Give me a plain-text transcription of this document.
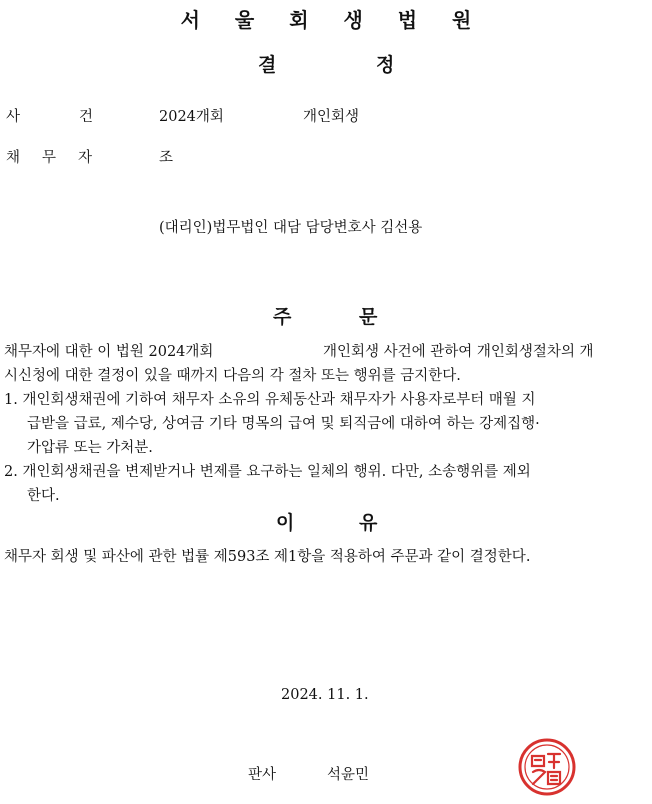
서 울 회 생 법 원
결	정
사	건	2024개회	개인회생
채무자	조
(대리인)법무법인 대담 담당변호사 김선용
주	문
채무자에 대한 이 법원 2024개회	개인회생 사건에 관하여 개인회생절차의 개
시신청에 대한 결정이 있을 때까지 다음의 각 절차 또는 행위를 금지한다.
1. 개인회생채권에 기하여 채무자 소유의 유체동산과 채무자가 사용자로부터 매월 지
급받을 급료, 제수당, 상여금 기타 명목의 급여 및 퇴직금에 대하여 하는 강제집행·
가압류 또는 가처분.
2. 개인회생채권을 변제받거나 변제를 요구하는 일체의 행위. 다만, 소송행위를 제외
한다.
이	유
채무자 회생 및 파산에 관한 법률 제593조 제1항을 적용하여 주문과 같이 결정한다.
2024. 11. 1.
판사	석윤민
